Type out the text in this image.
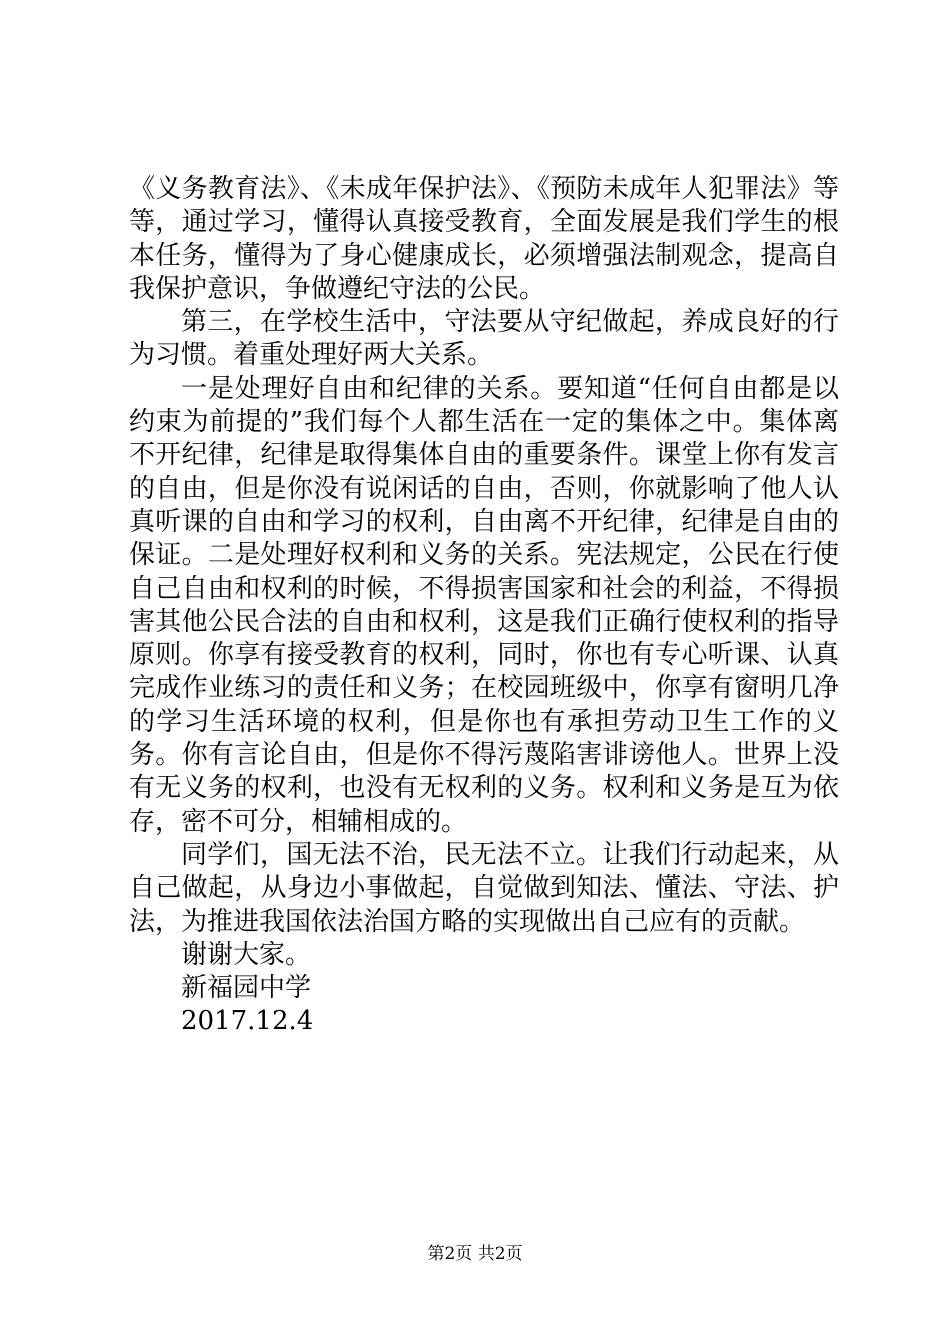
《义务教育法》、《未成年保护法》、《预防未成年人犯罪法》等等，通过学习，懂得认真接受教育，全面发展是我们学生的根本任务，懂得为了身心健康成长，必须增强法制观念，提高自我保护意识，争做遵纪守法的公民。

第三，在学校生活中，守法要从守纪做起，养成良好的行为习惯。着重处理好两大关系。

一是处理好自由和纪律的关系。要知道“任何自由都是以约束为前提的”我们每个人都生活在一定的集体之中。集体离不开纪律，纪律是取得集体自由的重要条件。课堂上你有发言的自由，但是你没有说闲话的自由，否则，你就影响了他人认真听课的自由和学习的权利，自由离不开纪律，纪律是自由的保证。二是处理好权利和义务的关系。宪法规定，公民在行使自己自由和权利的时候，不得损害国家和社会的利益，不得损害其他公民合法的自由和权利，这是我们正确行使权利的指导原则。你享有接受教育的权利，同时，你也有专心听课、认真完成作业练习的责任和义务；在校园班级中，你享有窗明几净的学习生活环境的权利，但是你也有承担劳动卫生工作的义务。你有言论自由，但是你不得污蔑陷害诽谤他人。世界上没有无义务的权利，也没有无权利的义务。权利和义务是互为依存，密不可分，相辅相成的。

同学们，国无法不治，民无法不立。让我们行动起来，从自己做起，从身边小事做起，自觉做到知法、懂法、守法、护法，为推进我国依法治国方略的实现做出自己应有的贡献。

谢谢大家。

新福园中学

2017.12.4

第2页 共2页
